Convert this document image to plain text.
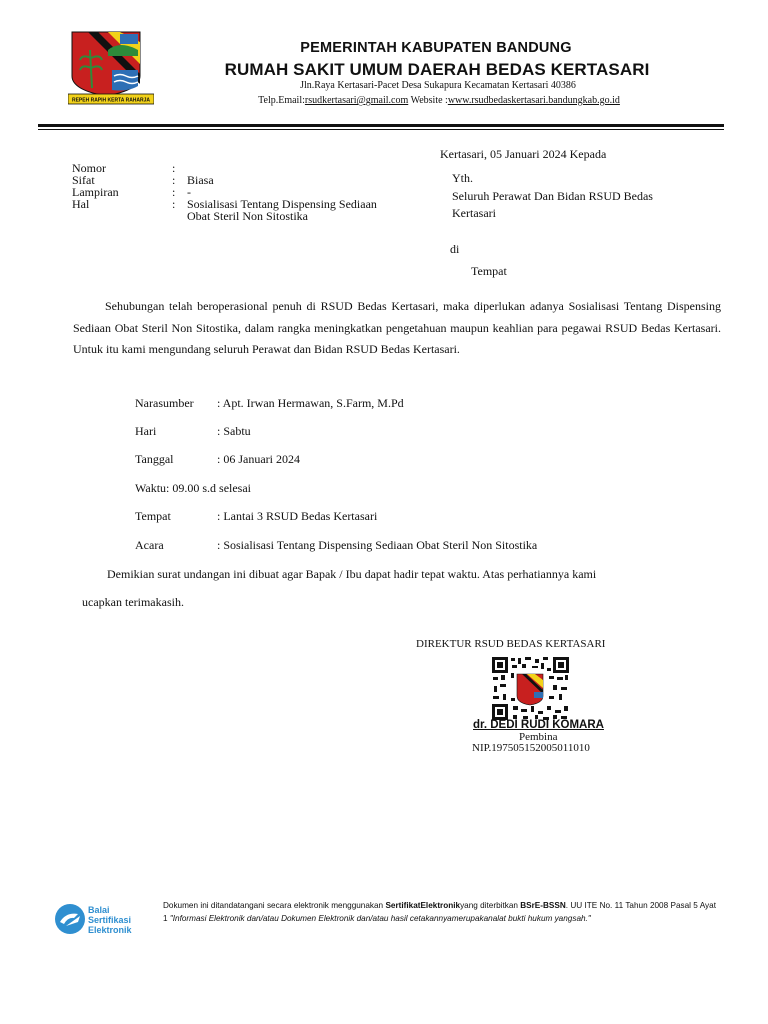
REPEH RAPIH KERTA RAHARJA
PEMERINTAH KABUPATEN BANDUNG
RUMAH SAKIT UMUM DAERAH BEDAS KERTASARI
Jln.Raya Kertasari-Pacet Desa Sukapura Kecamatan Kertasari 40386
Telp.Email:rsudkertasari@gmail.com Website :www.rsudbedaskertasari.bandungkab.go.id
Nomor	:
Sifat	: Biasa
Lampiran	: -
Hal	: Sosialisasi Tentang Dispensing Sediaan
Obat Steril Non Sitostika
Kertasari, 05 Januari 2024 Kepada
Yth.
Seluruh Perawat Dan Bidan RSUD Bedas
Kertasari
di
Tempat
Sehubungan telah beroperasional penuh di RSUD Bedas Kertasari, maka diperlukan adanya Sosialisasi Tentang Dispensing Sediaan Obat Steril Non Sitostika, dalam rangka meningkatkan pengetahuan maupun keahlian para pegawai RSUD Bedas Kertasari. Untuk itu kami mengundang seluruh Perawat dan Bidan RSUD Bedas Kertasari.
Narasumber : Apt. Irwan Hermawan, S.Farm, M.Pd
Hari	: Sabtu
Tanggal	: 06 Januari 2024
Waktu: 09.00 s.d selesai
Tempat	: Lantai 3 RSUD Bedas Kertasari
Acara	: Sosialisasi Tentang Dispensing Sediaan Obat Steril Non Sitostika
Demikian surat undangan ini dibuat agar Bapak / Ibu dapat hadir tepat waktu. Atas perhatiannya kami
ucapkan terimakasih.
DIREKTUR RSUD BEDAS KERTASARI
dr. DEDI RUDI KOMARA
Pembina
NIP.197505152005011010
Balai
Sertifikasi
Elektronik
Dokumen ini ditandatangani secara elektronik menggunakan SertifikatElektronikyang diterbitkan BSrE-BSSN. UU ITE No. 11 Tahun 2008 Pasal 5 Ayat 1 "Informasi Elektronik dan/atau Dokumen Elektronik dan/atau hasil cetakannyamerupakanalat bukti hukum yangsah."
